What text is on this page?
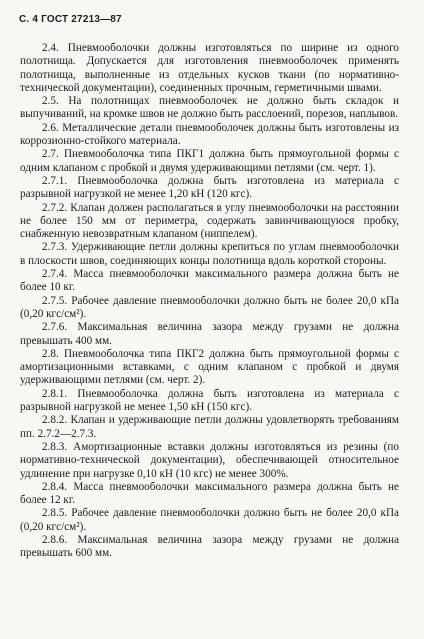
С. 4 ГОСТ 27213—87

2.4. Пневмооболочки должны изготовляться по ширине из одного полотнища. Допускается для изготовления пневмооболочек применять полотнища, выполненные из отдельных кусков ткани (по нормативно-технической документации), соединенных прочным, герметичными швами.

2.5. На полотнищах пневмооболочек не должно быть складок и выпучиваний, на кромке швов не должно быть расслоений, порезов, наплывов.

2.6. Металлические детали пневмооболочек должны быть изготовлены из коррозионно-стойкого материала.

2.7. Пневмооболочка типа ПКГ1 должна быть прямоугольной формы с одним клапаном с пробкой и двумя удерживающими петлями (см. черт. 1).

2.7.1. Пневмооболочка должна быть изготовлена из материала с разрывной нагрузкой не менее 1,20 кН (120 кгс).

2.7.2. Клапан должен располагаться в углу пневмооболочки на расстоянии не более 150 мм от периметра, содержать завинчивающуюся пробку, снабженную невозвратным клапаном (ниппелем).

2.7.3. Удерживающие петли должны крепиться по углам пневмооболочки в плоскости швов, соединяющих концы полотнища вдоль короткой стороны.

2.7.4. Масса пневмооболочки максимального размера должна быть не более 10 кг.

2.7.5. Рабочее давление пневмооболочки должно быть не более 20,0 кПа (0,20 кгс/см²).

2.7.6. Максимальная величина зазора между грузами не должна превышать 400 мм.

2.8. Пневмооболочка типа ПКГ2 должна быть прямоугольной формы с амортизационными вставками, с одним клапаном с пробкой и двумя удерживающими петлями (см. черт. 2).

2.8.1. Пневмооболочка должна быть изготовлена из материала с разрывной нагрузкой не менее 1,50 кН (150 кгс).

2.8.2. Клапан и удерживающие петли должны удовлетворять требованиям пп. 2.7.2—2.7.3.

2.8.3. Амортизационные вставки должны изготовляться из резины (по нормативно-технической документации), обеспечивающей относительное удлинение при нагрузке 0,10 кН (10 кгс) не менее 300%.

2.8.4. Масса пневмооболочки максимального размера должна быть не более 12 кг.

2.8.5. Рабочее давление пневмооболочки должно быть не более 20,0 кПа (0,20 кгс/см²).

2.8.6. Максимальная величина зазора между грузами не должна превышать 600 мм.
